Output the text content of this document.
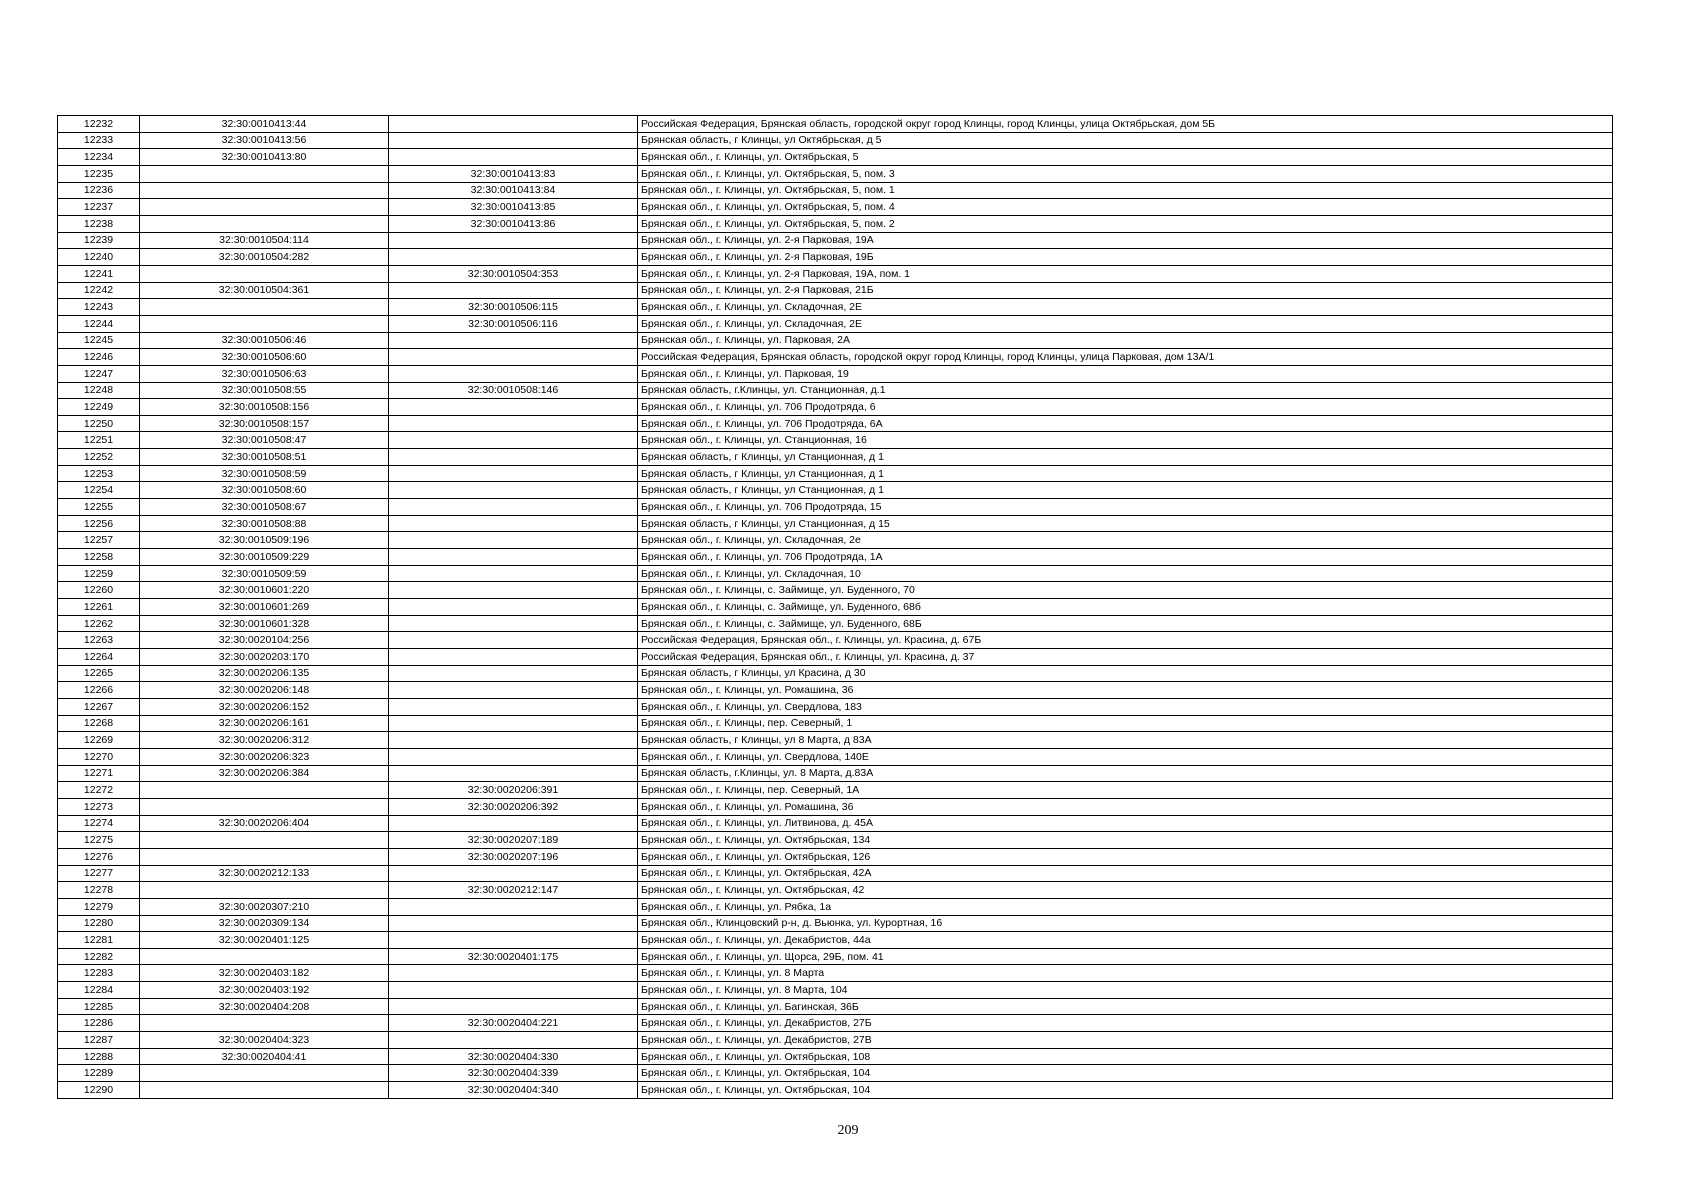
12232	32:30:0010413:44		Российская Федерация, Брянская область, городской округ город Клинцы, город Клинцы, улица Октябрьская, дом 5Б
12233	32:30:0010413:56		Брянская область, г Клинцы, ул Октябрьская, д 5
12234	32:30:0010413:80		Брянская обл., г. Клинцы, ул. Октябрьская, 5
12235		32:30:0010413:83	Брянская обл., г. Клинцы, ул. Октябрьская, 5, пом. 3
12236		32:30:0010413:84	Брянская обл., г. Клинцы, ул. Октябрьская, 5, пом. 1
12237		32:30:0010413:85	Брянская обл., г. Клинцы, ул. Октябрьская, 5, пом. 4
12238		32:30:0010413:86	Брянская обл., г. Клинцы, ул. Октябрьская, 5, пом. 2
12239	32:30:0010504:114		Брянская обл., г. Клинцы, ул. 2-я Парковая, 19А
12240	32:30:0010504:282		Брянская обл., г. Клинцы, ул. 2-я Парковая, 19Б
12241		32:30:0010504:353	Брянская обл., г. Клинцы, ул. 2-я Парковая, 19А, пом. 1
12242	32:30:0010504:361		Брянская обл., г. Клинцы, ул. 2-я Парковая, 21Б
12243		32:30:0010506:115	Брянская обл., г. Клинцы, ул. Складочная, 2Е
12244		32:30:0010506:116	Брянская обл., г. Клинцы, ул. Складочная, 2Е
12245	32:30:0010506:46		Брянская обл., г. Клинцы, ул. Парковая, 2А
12246	32:30:0010506:60		Российская Федерация, Брянская область, городской округ город Клинцы, город Клинцы, улица Парковая, дом 13А/1
12247	32:30:0010506:63		Брянская обл., г. Клинцы, ул. Парковая, 19
12248	32:30:0010508:55	32:30:0010508:146	Брянская область, г.Клинцы, ул. Станционная, д.1
12249	32:30:0010508:156		Брянская обл., г. Клинцы, ул. 706 Продотряда, 6
12250	32:30:0010508:157		Брянская обл., г. Клинцы, ул. 706 Продотряда, 6А
12251	32:30:0010508:47		Брянская обл., г. Клинцы, ул. Станционная, 16
12252	32:30:0010508:51		Брянская область, г Клинцы, ул Станционная, д 1
12253	32:30:0010508:59		Брянская область, г Клинцы, ул Станционная, д 1
12254	32:30:0010508:60		Брянская область, г Клинцы, ул Станционная, д 1
12255	32:30:0010508:67		Брянская обл., г. Клинцы, ул. 706 Продотряда, 15
12256	32:30:0010508:88		Брянская область, г Клинцы, ул Станционная, д 15
12257	32:30:0010509:196		Брянская обл., г. Клинцы, ул. Складочная, 2е
12258	32:30:0010509:229		Брянская обл., г. Клинцы, ул. 706 Продотряда, 1А
12259	32:30:0010509:59		Брянская обл., г. Клинцы, ул. Складочная, 10
12260	32:30:0010601:220		Брянская обл., г. Клинцы, с. Займище, ул. Буденного, 70
12261	32:30:0010601:269		Брянская обл., г. Клинцы, с. Займище, ул. Буденного, 68б
12262	32:30:0010601:328		Брянская обл., г. Клинцы, с. Займище, ул. Буденного, 68Б
12263	32:30:0020104:256		Российская Федерация, Брянская обл., г. Клинцы, ул. Красина, д. 67Б
12264	32:30:0020203:170		Российская Федерация, Брянская обл., г. Клинцы, ул. Красина, д. 37
12265	32:30:0020206:135		Брянская область, г Клинцы, ул Красина, д 30
12266	32:30:0020206:148		Брянская обл., г. Клинцы, ул. Ромашина, 36
12267	32:30:0020206:152		Брянская обл., г. Клинцы, ул. Свердлова, 183
12268	32:30:0020206:161		Брянская обл., г. Клинцы, пер. Северный, 1
12269	32:30:0020206:312		Брянская область, г Клинцы, ул 8 Марта, д 83А
12270	32:30:0020206:323		Брянская обл., г. Клинцы, ул. Свердлова, 140Е
12271	32:30:0020206:384		Брянская область, г.Клинцы, ул. 8 Марта, д.83А
12272		32:30:0020206:391	Брянская обл., г. Клинцы, пер. Северный, 1А
12273		32:30:0020206:392	Брянская обл., г. Клинцы, ул. Ромашина, 36
12274	32:30:0020206:404		Брянская обл., г. Клинцы, ул. Литвинова, д. 45А
12275		32:30:0020207:189	Брянская обл., г. Клинцы, ул. Октябрьская, 134
12276		32:30:0020207:196	Брянская обл., г. Клинцы, ул. Октябрьская, 126
12277	32:30:0020212:133		Брянская обл., г. Клинцы, ул. Октябрьская, 42А
12278		32:30:0020212:147	Брянская обл., г. Клинцы, ул. Октябрьская, 42
12279	32:30:0020307:210		Брянская обл., г. Клинцы, ул. Рябка, 1а
12280	32:30:0020309:134		Брянская обл., Клинцовский р-н, д. Вьюнка, ул. Курортная, 16
12281	32:30:0020401:125		Брянская обл., г. Клинцы, ул. Декабристов, 44а
12282		32:30:0020401:175	Брянская обл., г. Клинцы, ул. Щорса, 29Б, пом. 41
12283	32:30:0020403:182		Брянская обл., г. Клинцы, ул. 8 Марта
12284	32:30:0020403:192		Брянская обл., г. Клинцы, ул. 8 Марта, 104
12285	32:30:0020404:208		Брянская обл., г. Клинцы, ул. Багинская, 36Б
12286		32:30:0020404:221	Брянская обл., г. Клинцы, ул. Декабристов, 27Б
12287	32:30:0020404:323		Брянская обл., г. Клинцы, ул. Декабристов, 27В
12288	32:30:0020404:41	32:30:0020404:330	Брянская обл., г. Клинцы, ул. Октябрьская, 108
12289		32:30:0020404:339	Брянская обл., г. Клинцы, ул. Октябрьская, 104
12290		32:30:0020404:340	Брянская обл., г. Клинцы, ул. Октябрьская, 104
209
